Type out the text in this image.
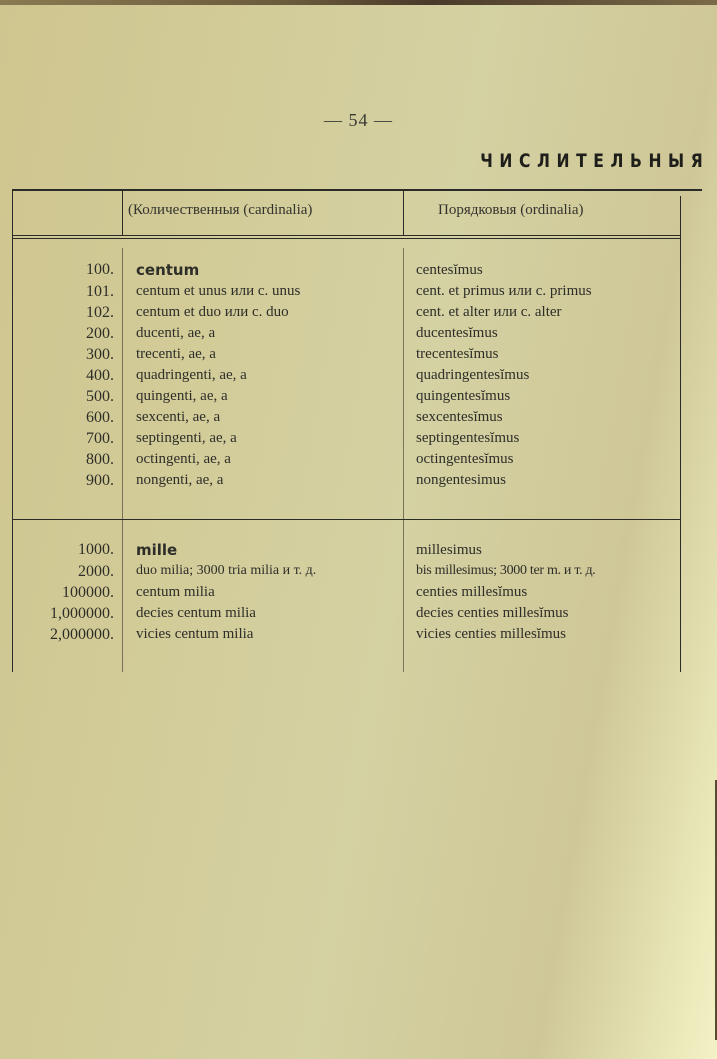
— 54 —
ЧИСЛИТЕЛЬНЫЯ
(Количественныя (cardinalia)	Порядковыя (ordinalia)
100. centum	centesĭmus
101. centum et unus или c. unus	cent. et primus или c. primus
102. centum et duo или c. duo	cent. et alter или c. alter
200. ducenti, ae, a	ducentesĭmus
300. trecenti, ae, a	trecentesĭmus
400. quadringenti, ae, a	quadringentesĭmus
500. quingenti, ae, a	quingentesĭmus
600. sexcenti, ae, a	sexcentesĭmus
700. septingenti, ae, a	septingentesĭmus
800. octingenti, ae, a	octingentesĭmus
900. nongenti, ae, a	nongentesimus
1000. mille	millesimus
2000. duo milia; 3000 tria milia и т. д.	bis millesimus; 3000 ter m. и т. д.
100000. centum milia	centies millesĭmus
1,000000. decies centum milia	decies centies millesĭmus
2,000000. vicies centum milia	vicies centies millesĭmus
